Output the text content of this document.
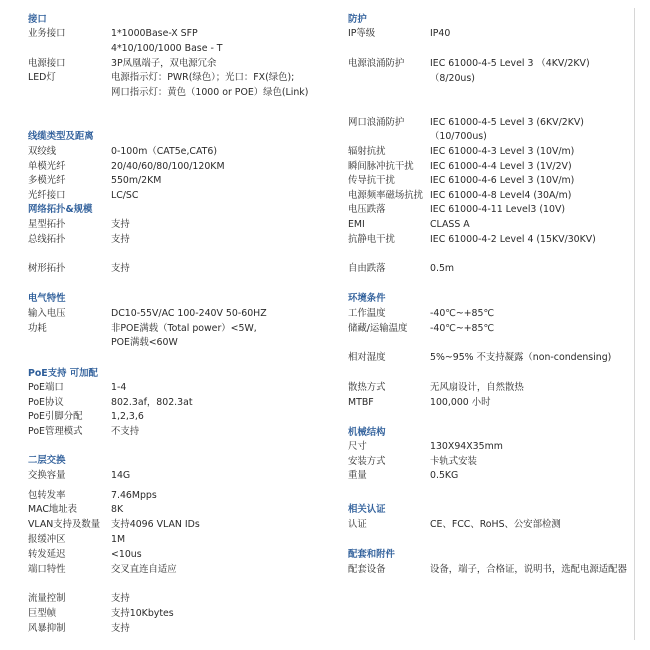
接口
业务接口	1*1000Base-X SFP
4*10/100/1000 Base - T
电源接口	3P凤凰端子，双电源冗余
LED灯	电源指示灯：PWR(绿色）；光口：FX(绿色);
网口指示灯：黄色（1000 or POE）绿色(Link)
线缆类型及距离
双绞线	0-100m（CAT5e,CAT6)
单模光纤	20/40/60/80/100/120KM
多模光纤	550m/2KM
光纤接口	LC/SC
网络拓扑&规模
星型拓扑	支持
总线拓扑	支持
树形拓扑	支持
电气特性
输入电压	DC10-55V/AC 100-240V 50-60HZ
功耗	非POE满载（Total power）<5W,
POE满载<60W
PoE支持 可加配
PoE端口	1-4
PoE协议	802.3af，802.3at
PoE引脚分配	1,2,3,6
PoE管理模式	不支持
二层交换
交换容量	14G
包转发率	7.46Mpps
MAC地址表	8K
VLAN支持及数量 支持4096 VLAN IDs
报缓冲区	1M
转发延迟	<10us
端口特性	交叉直连自适应
流量控制	支持
巨型帧	支持10Kbytes
风暴抑制	支持
防护
IP等级	IP40
电源浪涌防护	IEC 61000-4-5 Level 3 （4KV/2KV)
（8/20us)
网口浪涌防护	IEC 61000-4-5 Level 3 (6KV/2KV)
（10/700us)
辐射抗扰	IEC 61000-4-3 Level 3 (10V/m)
瞬间脉冲抗干扰 IEC 61000-4-4 Level 3 (1V/2V)
传导抗干扰	IEC 61000-4-6 Level 3 (10V/m)
电源频率磁场抗扰 IEC 61000-4-8 Level4 (30A/m)
电压跌落	IEC 61000-4-11 Level3 (10V)
EMI	CLASS A
抗静电干扰	IEC 61000-4-2 Level 4 (15KV/30KV)
自由跌落	0.5m
环境条件
工作温度	-40℃~+85℃
储藏/运输温度 -40℃~+85℃
相对湿度	5%~95% 不支持凝露（non-condensing)
散热方式	无风扇设计，自然散热
MTBF	100,000 小时
机械结构
尺寸	130X94X35mm
安装方式	卡轨式安装
重量	0.5KG
相关认证
认证	CE、FCC、RoHS、公安部检测
配套和附件
配套设备	设备，端子，合格证，说明书，选配电源适配器
